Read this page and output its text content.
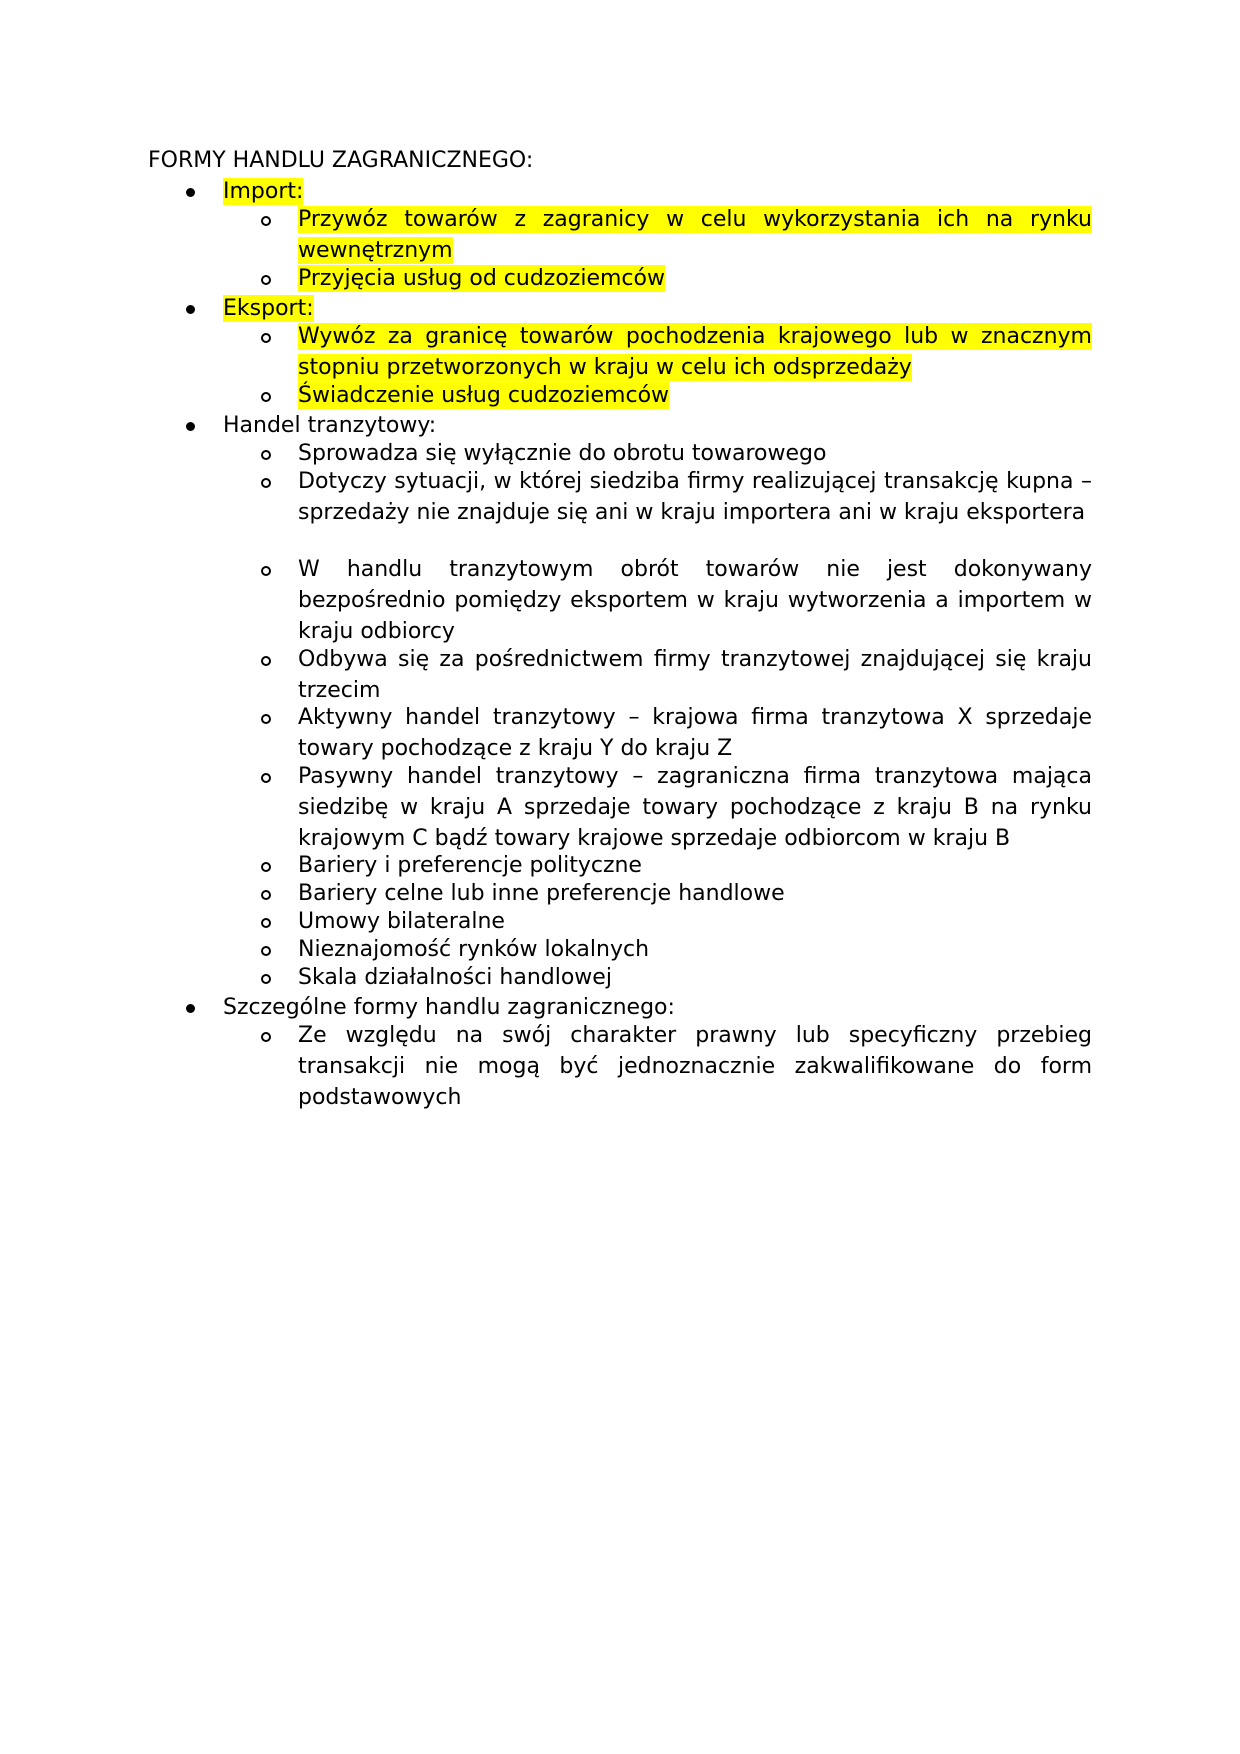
FORMY HANDLU ZAGRANICZNEGO:
Import:
Przywóz towarów z zagranicy w celu wykorzystania ich na rynku wewnętrznym
Przyjęcia usług od cudzoziemców
Eksport:
Wywóz za granicę towarów pochodzenia krajowego lub w znacznym stopniu przetworzonych w kraju w celu ich odsprzedaży
Świadczenie usług cudzoziemców
Handel tranzytowy:
Sprowadza się wyłącznie do obrotu towarowego
Dotyczy sytuacji, w której siedziba firmy realizującej transakcję kupna – sprzedaży nie znajduje się ani w kraju importera ani w kraju eksportera
W handlu tranzytowym obrót towarów nie jest dokonywany bezpośrednio pomiędzy eksportem w kraju wytworzenia a importem w kraju odbiorcy
Odbywa się za pośrednictwem firmy tranzytowej znajdującej się kraju trzecim
Aktywny handel tranzytowy – krajowa firma tranzytowa X sprzedaje towary pochodzące z kraju Y do kraju Z
Pasywny handel tranzytowy – zagraniczna firma tranzytowa mająca siedzibę w kraju A sprzedaje towary pochodzące z kraju B na rynku krajowym C bądź towary krajowe sprzedaje odbiorcom w kraju B
Bariery i preferencje polityczne
Bariery celne lub inne preferencje handlowe
Umowy bilateralne
Nieznajomość rynków lokalnych
Skala działalności handlowej
Szczególne formy handlu zagranicznego:
Ze względu na swój charakter prawny lub specyficzny przebieg transakcji nie mogą być jednoznacznie zakwalifikowane do form podstawowych
